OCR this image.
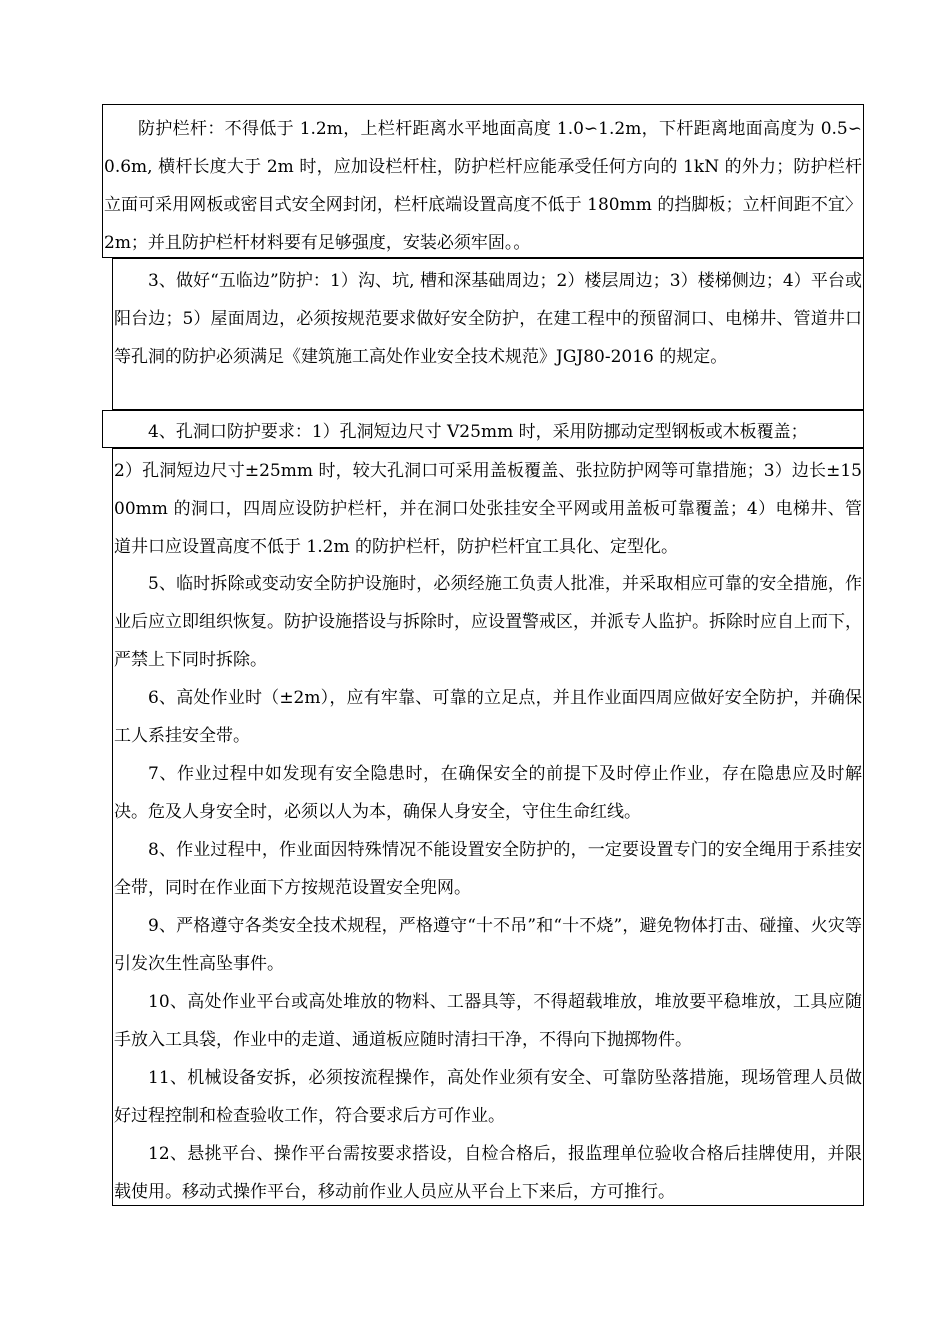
防护栏杆：不得低于 1.2m，上栏杆距离水平地面高度 1.0∽1.2m，下杆距离地面高度为 0.5∽0.6m, 横杆长度大于 2m 时，应加设栏杆柱，防护栏杆应能承受任何方向的 1kN 的外力；防护栏杆立面可采用网板或密目式安全网封闭，栏杆底端设置高度不低于 180mm 的挡脚板；立杆间距不宜〉2m；并且防护栏杆材料要有足够强度，安装必须牢固。。

3、做好“五临边”防护：1）沟、坑, 槽和深基础周边；2）楼层周边；3）楼梯侧边；4）平台或阳台边；5）屋面周边，必须按规范要求做好安全防护，在建工程中的预留洞口、电梯井、管道井口等孔洞的防护必须满足《建筑施工高处作业安全技术规范》JGJ80-2016 的规定。

4、孔洞口防护要求：1）孔洞短边尺寸 V25mm 时，采用防挪动定型钢板或木板覆盖；

2）孔洞短边尺寸±25mm 时，较大孔洞口可采用盖板覆盖、张拉防护网等可靠措施；3）边长±1500mm 的洞口，四周应设防护栏杆，并在洞口处张挂安全平网或用盖板可靠覆盖；4）电梯井、管道井口应设置高度不低于 1.2m 的防护栏杆，防护栏杆宜工具化、定型化。

5、临时拆除或变动安全防护设施时，必须经施工负责人批准，并采取相应可靠的安全措施，作业后应立即组织恢复。防护设施搭设与拆除时，应设置警戒区，并派专人监护。拆除时应自上而下，严禁上下同时拆除。

6、高处作业时（±2m），应有牢靠、可靠的立足点，并且作业面四周应做好安全防护，并确保工人系挂安全带。

7、作业过程中如发现有安全隐患时，在确保安全的前提下及时停止作业，存在隐患应及时解决。危及人身安全时，必须以人为本，确保人身安全，守住生命红线。

8、作业过程中，作业面因特殊情况不能设置安全防护的，一定要设置专门的安全绳用于系挂安全带，同时在作业面下方按规范设置安全兜网。

9、严格遵守各类安全技术规程，严格遵守“十不吊”和“十不烧”，避免物体打击、碰撞、火灾等引发次生性高坠事件。

10、高处作业平台或高处堆放的物料、工器具等，不得超载堆放，堆放要平稳堆放，工具应随手放入工具袋，作业中的走道、通道板应随时清扫干净，不得向下抛掷物件。

11、机械设备安拆，必须按流程操作，高处作业须有安全、可靠防坠落措施，现场管理人员做好过程控制和检查验收工作，符合要求后方可作业。

12、悬挑平台、操作平台需按要求搭设，自检合格后，报监理单位验收合格后挂牌使用，并限载使用。移动式操作平台，移动前作业人员应从平台上下来后，方可推行。
